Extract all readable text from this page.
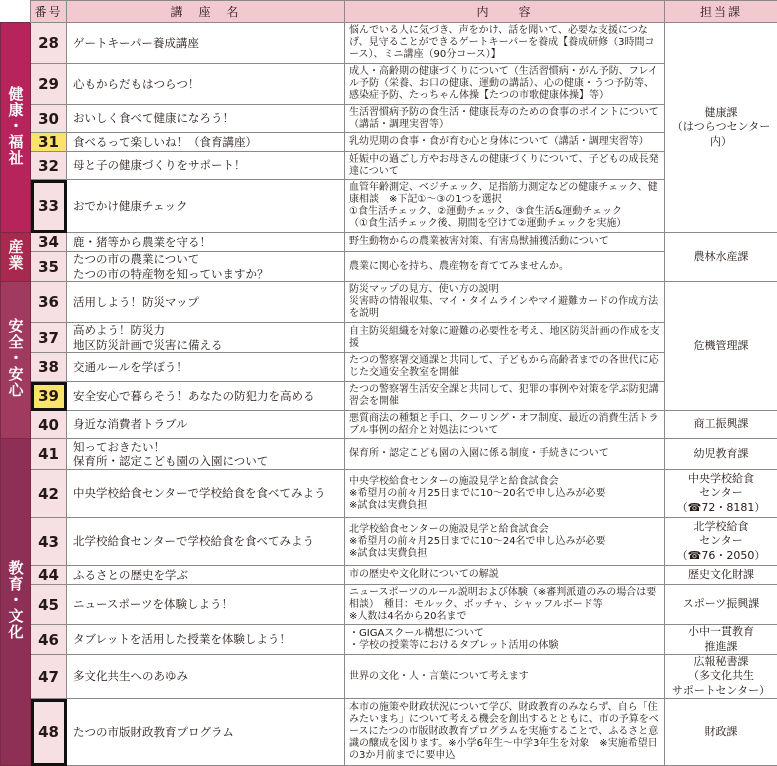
	番号	講　座　名	内　　容	担当課
健康・福祉	28	ゲートキーパー養成講座	悩んでいる人に気づき、声をかけ、話を聞いて、必要な支援につなげ、見守ることができるゲートキーパーを養成【養成研修（3時間コース）、ミニ講座（90分コース）】	健康課
（はつらつセンター内）
	29	心もからだもはつらつ！	成人・高齢期の健康づくりについて（生活習慣病・がん予防、フレイル予防（栄養、お口の健康、運動の講話）、心の健康・うつ予防等、感染症予防、たっちゃん体操【たつの市歌健康体操】等）	
	30	おいしく食べて健康になろう！	生活習慣病予防の食生活・健康長寿のための食事のポイントについて（講話・調理実習等）	
	31	食べるって楽しいね！（食育講座）	乳幼児期の食事・食が育む心と身体について（講話・調理実習等）	
	32	母と子の健康づくりをサポート！	妊娠中の過ごし方やお母さんの健康づくりについて、子どもの成長発達について	
	33	おでかけ健康チェック	血管年齢測定、ベジチェック、足指筋力測定などの健康チェック、健康相談　※下記①～③の1つを選択
①食生活チェック、②運動チェック、③食生活&運動チェック
（①食生活チェック後、期間を空けて②運動チェックを実施）	
産業	34	鹿・猪等から農業を守る！	野生動物からの農業被害対策、有害鳥獣捕獲活動について	農林水産課
	35	たつの市の農業について
たつの市の特産物を知っていますか？	農業に関心を持ち、農産物を育ててみませんか。	
安全・安心	36	活用しよう！防災マップ	防災マップの見方、使い方の説明
災害時の情報収集、マイ・タイムラインやマイ避難カードの作成方法を説明	危機管理課
	37	高めよう！防災力
地区防災計画で災害に備える	自主防災組織を対象に避難の必要性を考え、地区防災計画の作成を支援	
	38	交通ルールを学ぼう！	たつの警察署交通課と共同して、子どもから高齢者までの各世代に応じた交通安全教室を開催	
	39	安全安心で暮らそう！あなたの防犯力を高める	たつの警察署生活安全課と共同して、犯罪の事例や対策を学ぶ防犯講習会を開催	
	40	身近な消費者トラブル	悪質商法の種類と手口、クーリング・オフ制度、最近の消費生活トラブル事例の紹介と対処法について	商工振興課
教育・文化	41	知っておきたい！
保育所・認定こども園の入園について	保育所・認定こども園の入園に係る制度・手続きについて	幼児教育課
	42	中央学校給食センターで学校給食を食べてみよう	中央学校給食センターの施設見学と給食試食会
※希望月の前々月25日までに10～20名で申し込みが必要
※試食は実費負担	中央学校給食
センター
（☎72・8181）
	43	北学校給食センターで学校給食を食べてみよう	北学校給食センターの施設見学と給食試食会
※希望月の前々月25日までに10～24名で申し込みが必要
※試食は実費負担	北学校給食
センター
（☎76・2050）
	44	ふるさとの歴史を学ぶ	市の歴史や文化財についての解説	歴史文化財課
	45	ニュースポーツを体験しよう！	ニュースポーツのルール説明および体験（※審判派遣のみの場合は要相談）　種目：モルック、ボッチャ、シャッフルボード等
※人数は4名から20名まで	スポーツ振興課
	46	タブレットを活用した授業を体験しよう！	・GIGAスクール構想について
・学校の授業等におけるタブレット活用の体験	小中一貫教育
推進課
	47	多文化共生へのあゆみ	世界の文化・人・言葉について考えます	広報秘書課
（多文化共生
サポートセンター）
	48	たつの市版財政教育プログラム	本市の施策や財政状況について学び、財政教育のみならず、自ら「住みたいまち」について考える機会を創出するとともに、市の予算をベースにたつの市版財政教育プログラムを実施することで、ふるさと意識の醸成を図ります。※小学6年生～中学3年生を対象　※実施希望日の3か月前までに要申込	財政課
